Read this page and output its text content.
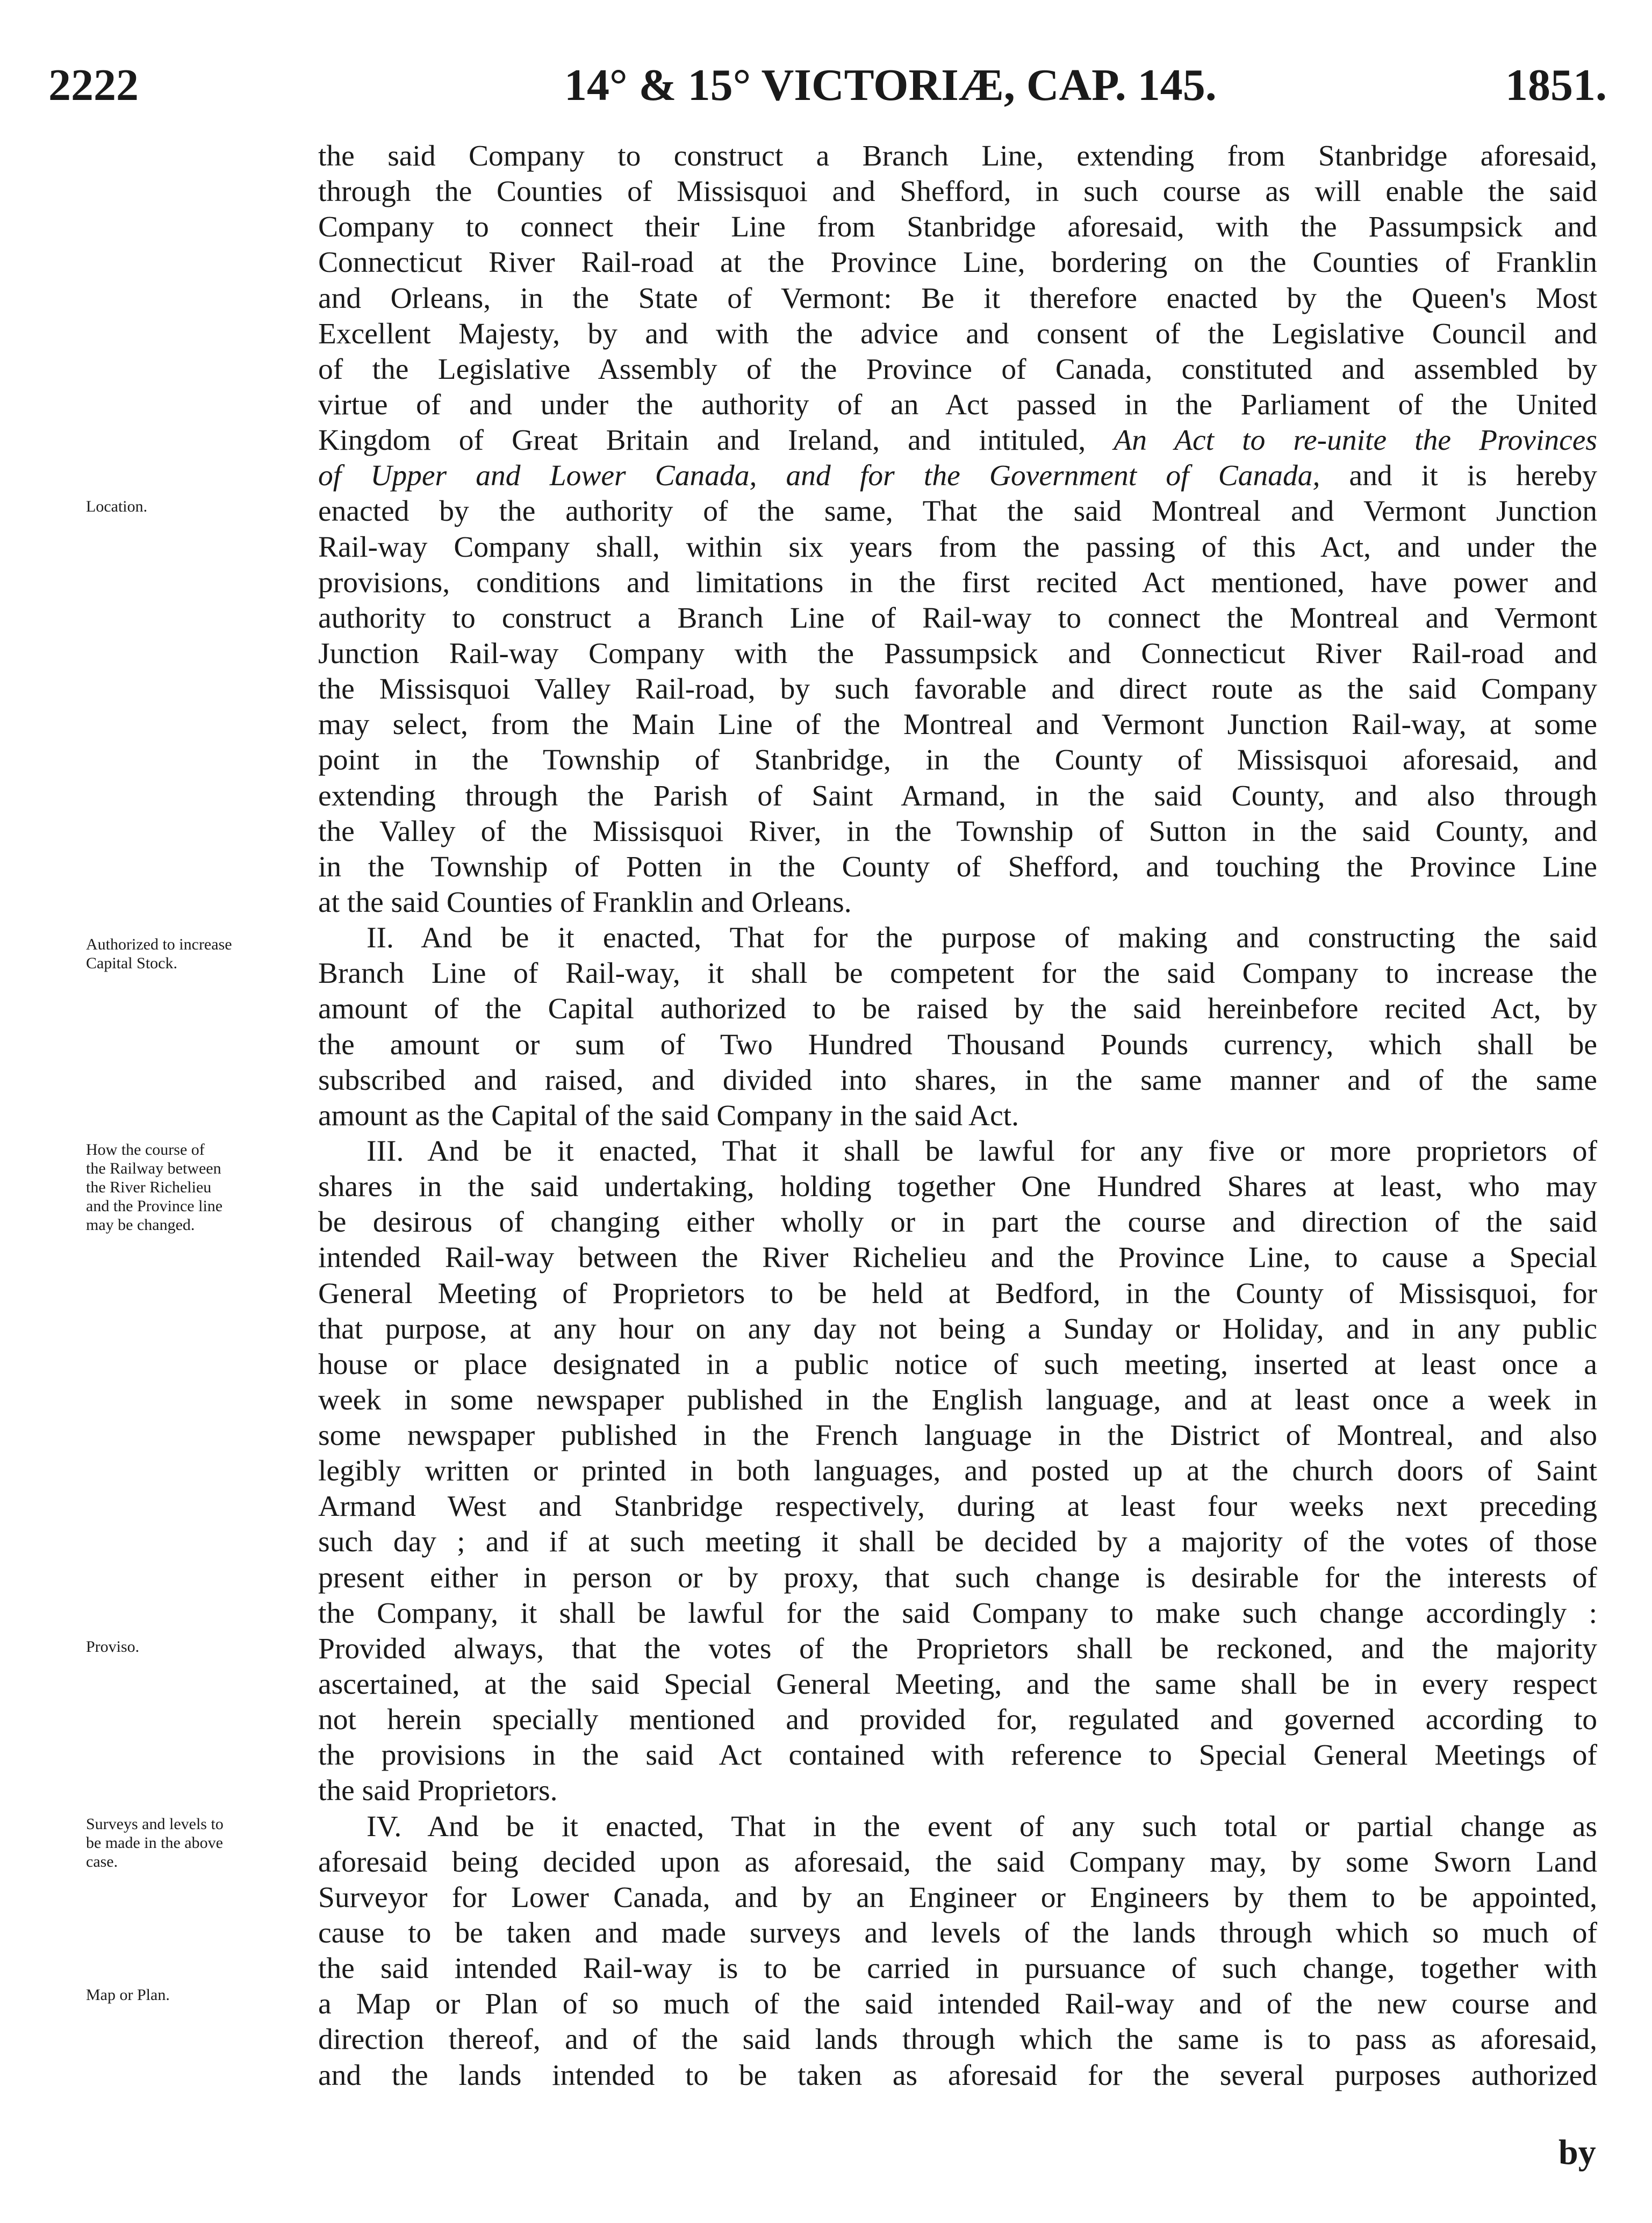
2222	14° & 15° VICTORIÆ, CAP. 145.	1851.
Location.
Authorized to increase
Capital Stock.
How the course of
the Railway between
the River Richelieu
and the Province line
may be changed.
Proviso.
Surveys and levels to
be made in the above
case.
Map or Plan.
the said Company to construct a Branch Line, extending from Stanbridge aforesaid,
through the Counties of Missisquoi and Shefford, in such course as will enable the said
Company to connect their Line from Stanbridge aforesaid, with the Passumpsick and
Connecticut River Rail-road at the Province Line, bordering on the Counties of Franklin
and Orleans, in the State of Vermont: Be it therefore enacted by the Queen's Most
Excellent Majesty, by and with the advice and consent of the Legislative Council and
of the Legislative Assembly of the Province of Canada, constituted and assembled by
virtue of and under the authority of an Act passed in the Parliament of the United
Kingdom of Great Britain and Ireland, and intituled, An Act to re-unite the Provinces
of Upper and Lower Canada, and for the Government of Canada, and it is hereby
enacted by the authority of the same, That the said Montreal and Vermont Junction
Rail-way Company shall, within six years from the passing of this Act, and under the
provisions, conditions and limitations in the first recited Act mentioned, have power and
authority to construct a Branch Line of Rail-way to connect the Montreal and Vermont
Junction Rail-way Company with the Passumpsick and Connecticut River Rail-road and
the Missisquoi Valley Rail-road, by such favorable and direct route as the said Company
may select, from the Main Line of the Montreal and Vermont Junction Rail-way, at some
point in the Township of Stanbridge, in the County of Missisquoi aforesaid, and
extending through the Parish of Saint Armand, in the said County, and also through
the Valley of the Missisquoi River, in the Township of Sutton in the said County, and
in the Township of Potten in the County of Shefford, and touching the Province Line
at the said Counties of Franklin and Orleans.
II. And be it enacted, That for the purpose of making and constructing the said
Branch Line of Rail-way, it shall be competent for the said Company to increase the
amount of the Capital authorized to be raised by the said hereinbefore recited Act, by
the amount or sum of Two Hundred Thousand Pounds currency, which shall be
subscribed and raised, and divided into shares, in the same manner and of the same
amount as the Capital of the said Company in the said Act.
III. And be it enacted, That it shall be lawful for any five or more proprietors of
shares in the said undertaking, holding together One Hundred Shares at least, who may
be desirous of changing either wholly or in part the course and direction of the said
intended Rail-way between the River Richelieu and the Province Line, to cause a Special
General Meeting of Proprietors to be held at Bedford, in the County of Missisquoi, for
that purpose, at any hour on any day not being a Sunday or Holiday, and in any public
house or place designated in a public notice of such meeting, inserted at least once a
week in some newspaper published in the English language, and at least once a week in
some newspaper published in the French language in the District of Montreal, and also
legibly written or printed in both languages, and posted up at the church doors of Saint
Armand West and Stanbridge respectively, during at least four weeks next preceding
such day ; and if at such meeting it shall be decided by a majority of the votes of those
present either in person or by proxy, that such change is desirable for the interests of
the Company, it shall be lawful for the said Company to make such change accordingly :
Provided always, that the votes of the Proprietors shall be reckoned, and the majority
ascertained, at the said Special General Meeting, and the same shall be in every respect
not herein specially mentioned and provided for, regulated and governed according to
the provisions in the said Act contained with reference to Special General Meetings of
the said Proprietors.
IV. And be it enacted, That in the event of any such total or partial change as
aforesaid being decided upon as aforesaid, the said Company may, by some Sworn Land
Surveyor for Lower Canada, and by an Engineer or Engineers by them to be appointed,
cause to be taken and made surveys and levels of the lands through which so much of
the said intended Rail-way is to be carried in pursuance of such change, together with
a Map or Plan of so much of the said intended Rail-way and of the new course and
direction thereof, and of the said lands through which the same is to pass as aforesaid,
and the lands intended to be taken as aforesaid for the several purposes authorized
by
